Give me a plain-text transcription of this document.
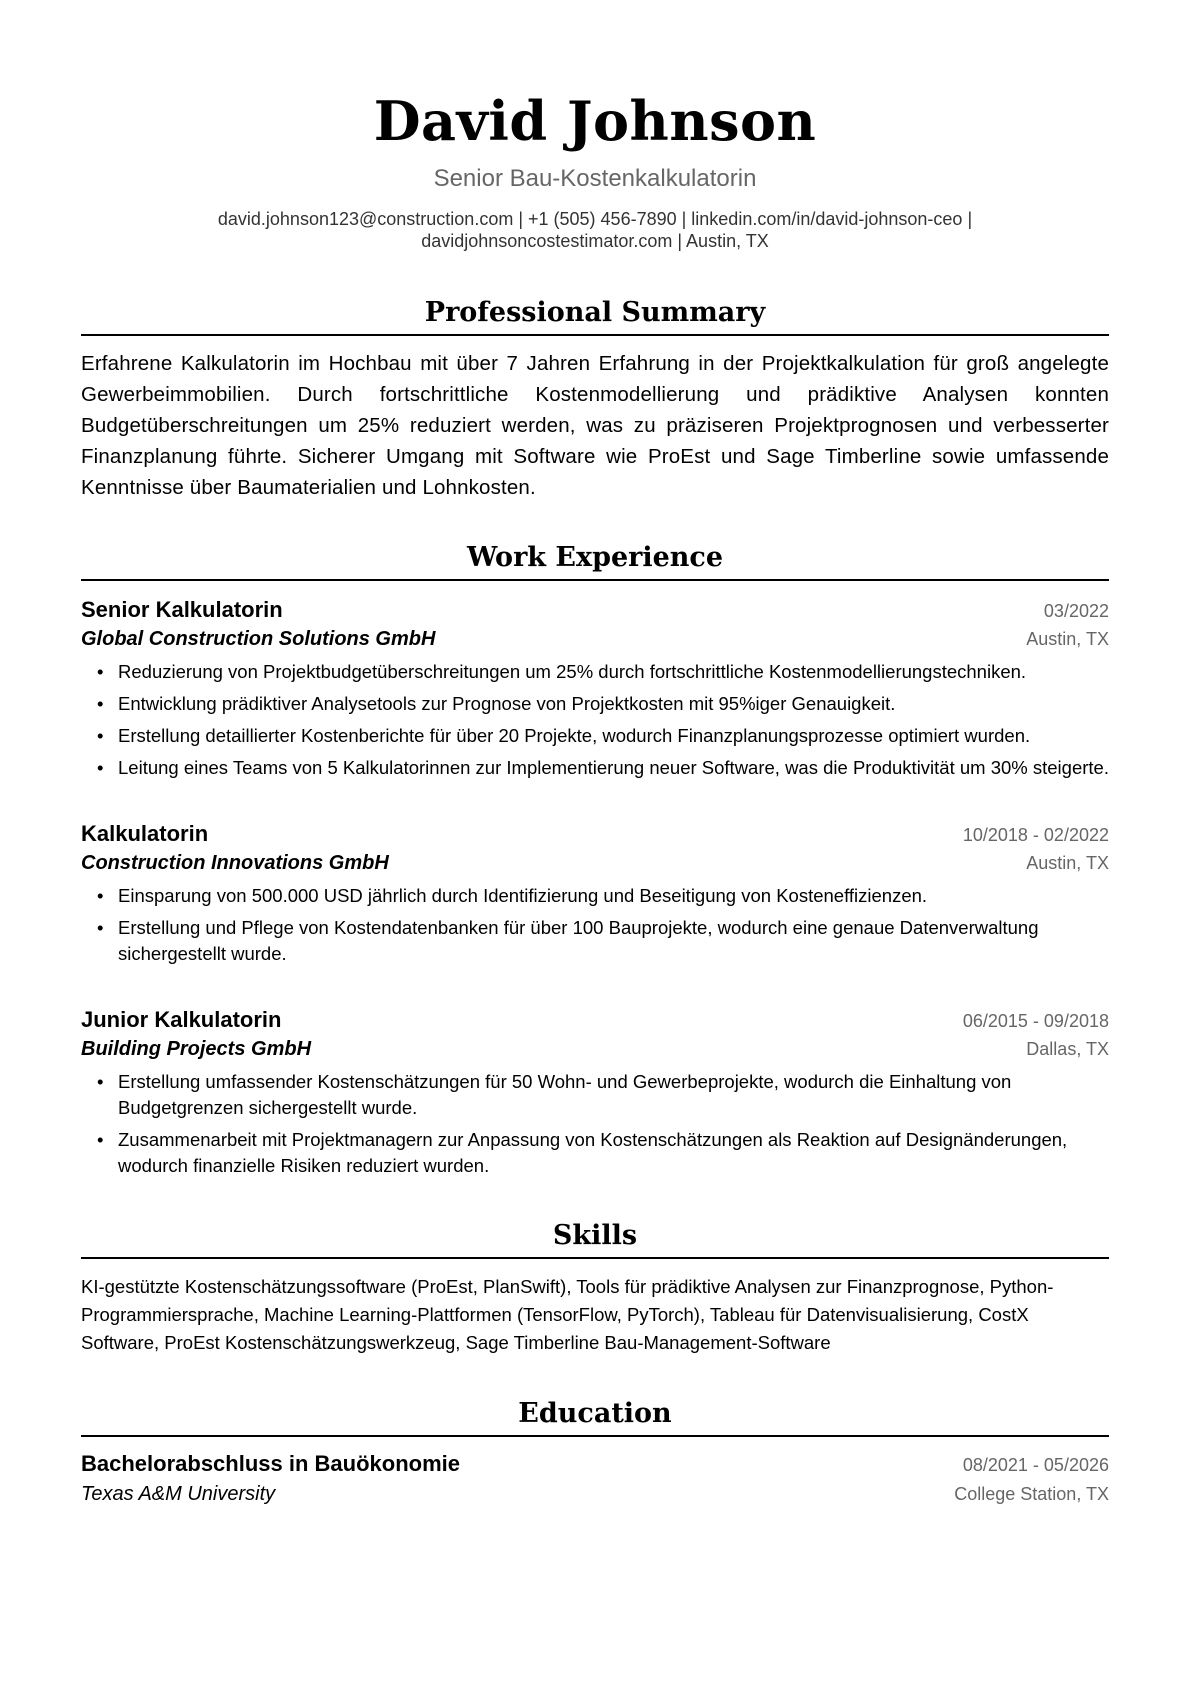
David Johnson
Senior Bau-Kostenkalkulatorin
david.johnson123@construction.com | +1 (505) 456-7890 | linkedin.com/in/david-johnson-ceo |
davidjohnsoncostestimator.com | Austin, TX
Professional Summary
Erfahrene Kalkulatorin im Hochbau mit über 7 Jahren Erfahrung in der Projektkalkulation für groß angelegte Gewerbeimmobilien. Durch fortschrittliche Kostenmodellierung und prädiktive Analysen konnten Budgetüberschreitungen um 25% reduziert werden, was zu präziseren Projektprognosen und verbesserter Finanzplanung führte. Sicherer Umgang mit Software wie ProEst und Sage Timberline sowie umfassende Kenntnisse über Baumaterialien und Lohnkosten.
Work Experience
Senior Kalkulatorin	03/2022
Global Construction Solutions GmbH	Austin, TX
• Reduzierung von Projektbudgetüberschreitungen um 25% durch fortschrittliche Kostenmodellierungstechniken.
• Entwicklung prädiktiver Analysetools zur Prognose von Projektkosten mit 95%iger Genauigkeit.
• Erstellung detaillierter Kostenberichte für über 20 Projekte, wodurch Finanzplanungsprozesse optimiert wurden.
• Leitung eines Teams von 5 Kalkulatorinnen zur Implementierung neuer Software, was die Produktivität um 30% steigerte.
Kalkulatorin	10/2018 - 02/2022
Construction Innovations GmbH	Austin, TX
• Einsparung von 500.000 USD jährlich durch Identifizierung und Beseitigung von Kosteneffizienzen.
• Erstellung und Pflege von Kostendatenbanken für über 100 Bauprojekte, wodurch eine genaue Datenverwaltung sichergestellt wurde.
Junior Kalkulatorin	06/2015 - 09/2018
Building Projects GmbH	Dallas, TX
• Erstellung umfassender Kostenschätzungen für 50 Wohn- und Gewerbeprojekte, wodurch die Einhaltung von Budgetgrenzen sichergestellt wurde.
• Zusammenarbeit mit Projektmanagern zur Anpassung von Kostenschätzungen als Reaktion auf Designänderungen, wodurch finanzielle Risiken reduziert wurden.
Skills
KI-gestützte Kostenschätzungssoftware (ProEst, PlanSwift), Tools für prädiktive Analysen zur Finanzprognose, Python-Programmiersprache, Machine Learning-Plattformen (TensorFlow, PyTorch), Tableau für Datenvisualisierung, CostX Software, ProEst Kostenschätzungswerkzeug, Sage Timberline Bau-Management-Software
Education
Bachelorabschluss in Bauökonomie	08/2021 - 05/2026
Texas A&M University	College Station, TX
